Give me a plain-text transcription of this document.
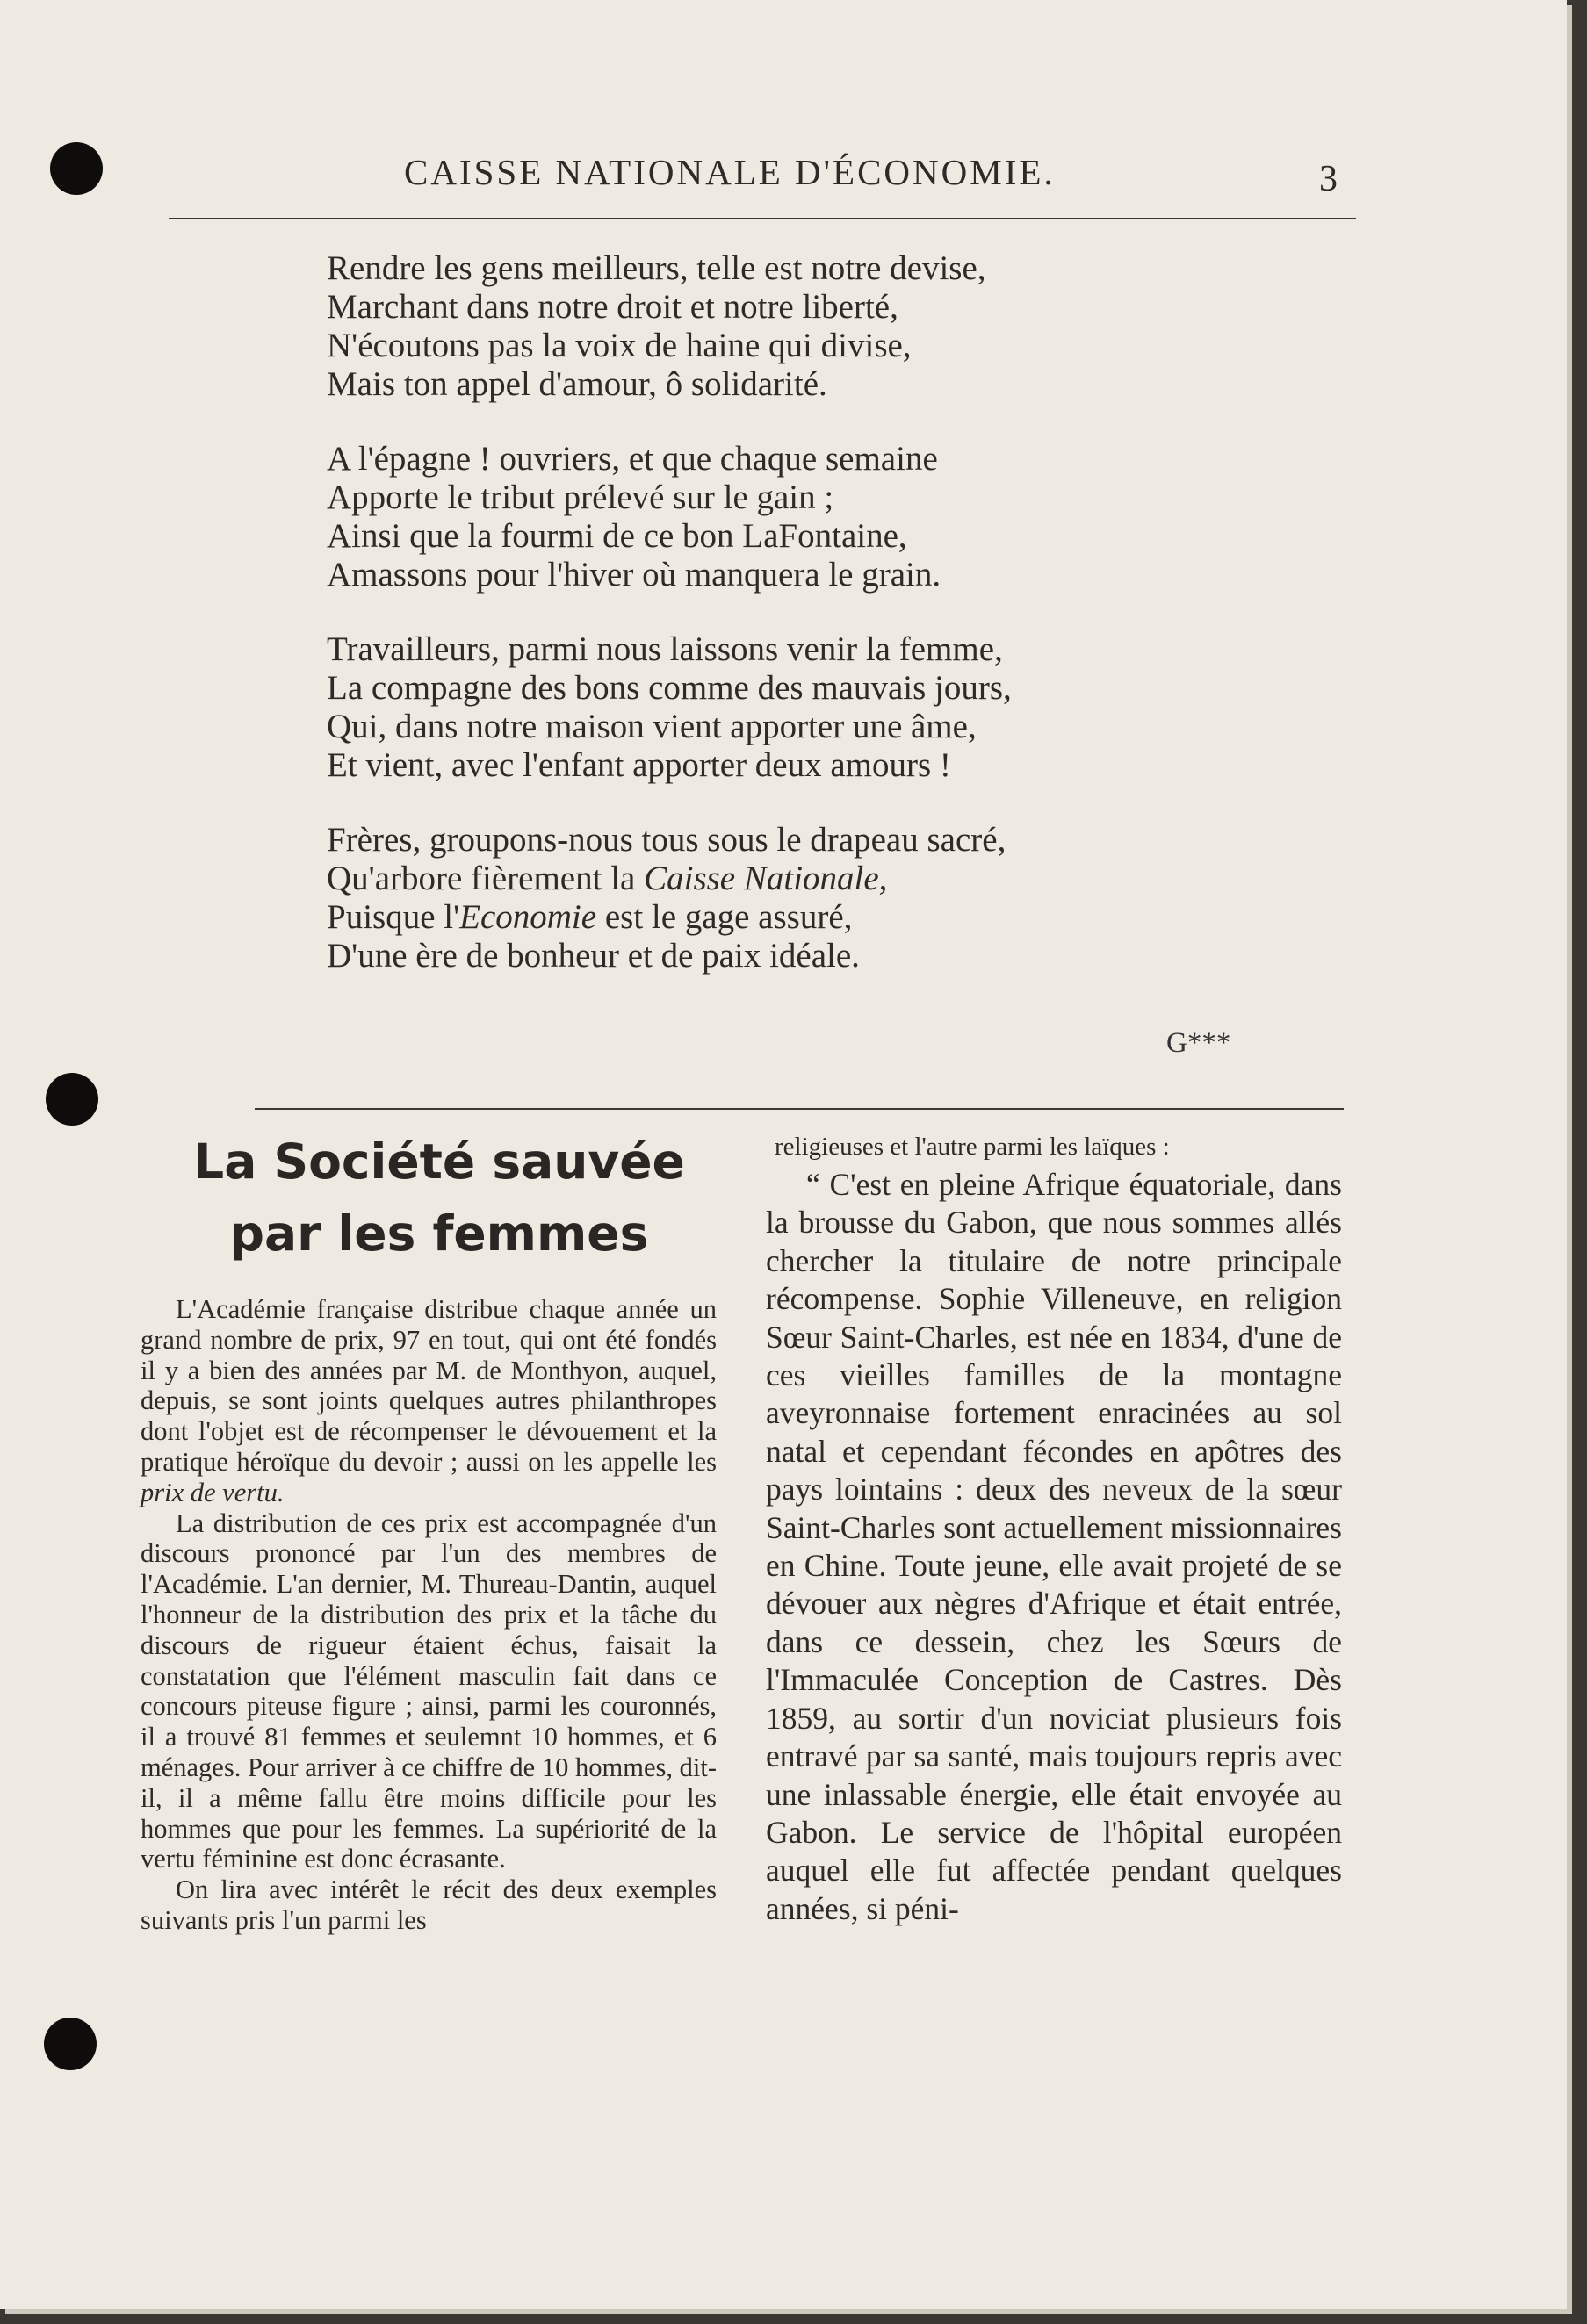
CAISSE NATIONALE D'ÉCONOMIE.	3
Rendre les gens meilleurs, telle est notre devise,
Marchant dans notre droit et notre liberté,
N'écoutons pas la voix de haine qui divise,
Mais ton appel d'amour, ô solidarité.
A l'épagne ! ouvriers, et que chaque semaine
Apporte le tribut prélevé sur le gain ;
Ainsi que la fourmi de ce bon LaFontaine,
Amassons pour l'hiver où manquera le grain.
Travailleurs, parmi nous laissons venir la femme,
La compagne des bons comme des mauvais jours,
Qui, dans notre maison vient apporter une âme,
Et vient, avec l'enfant apporter deux amours !
Frères, groupons-nous tous sous le drapeau sacré,
Qu'arbore fièrement la Caisse Nationale,
Puisque l'Economie est le gage assuré,
D'une ère de bonheur et de paix idéale.
G***
La Société sauvée par les femmes

L'Académie française distribue chaque année un grand nombre de prix, 97 en tout, qui ont été fondés il y a bien des années par M. de Monthyon, auquel, depuis, se sont joints quelques autres philanthropes dont l'objet est de récompenser le dévouement et la pratique héroïque du devoir ; aussi on les appelle les prix de vertu.

La distribution de ces prix est accompagnée d'un discours prononcé par l'un des membres de l'Académie. L'an dernier, M. Thureau-Dantin, auquel l'honneur de la distribution des prix et la tâche du discours de rigueur étaient échus, faisait la constatation que l'élément masculin fait dans ce concours piteuse figure ; ainsi, parmi les couronnés, il a trouvé 81 femmes et seulemnt 10 hommes, et 6 ménages. Pour arriver à ce chiffre de 10 hommes, dit-il, il a même fallu être moins difficile pour les hommes que pour les femmes. La supériorité de la vertu féminine est donc écrasante.

On lira avec intérêt le récit des deux exemples suivants pris l'un parmi les

religieuses et l'autre parmi les laïques :

“ C'est en pleine Afrique équatoriale, dans la brousse du Gabon, que nous sommes allés chercher la titulaire de notre principale récompense. Sophie Villeneuve, en religion Sœur Saint-Charles, est née en 1834, d'une de ces vieilles familles de la montagne aveyronnaise fortement enracinées au sol natal et cependant fécondes en apôtres des pays lointains : deux des neveux de la sœur Saint-Charles sont actuellement missionnaires en Chine. Toute jeune, elle avait projeté de se dévouer aux nègres d'Afrique et était entrée, dans ce dessein, chez les Sœurs de l'Immaculée Conception de Castres. Dès 1859, au sortir d'un noviciat plusieurs fois entravé par sa santé, mais toujours repris avec une inlassable énergie, elle était envoyée au Gabon. Le service de l'hôpital européen auquel elle fut affectée pendant quelques années, si péni-
